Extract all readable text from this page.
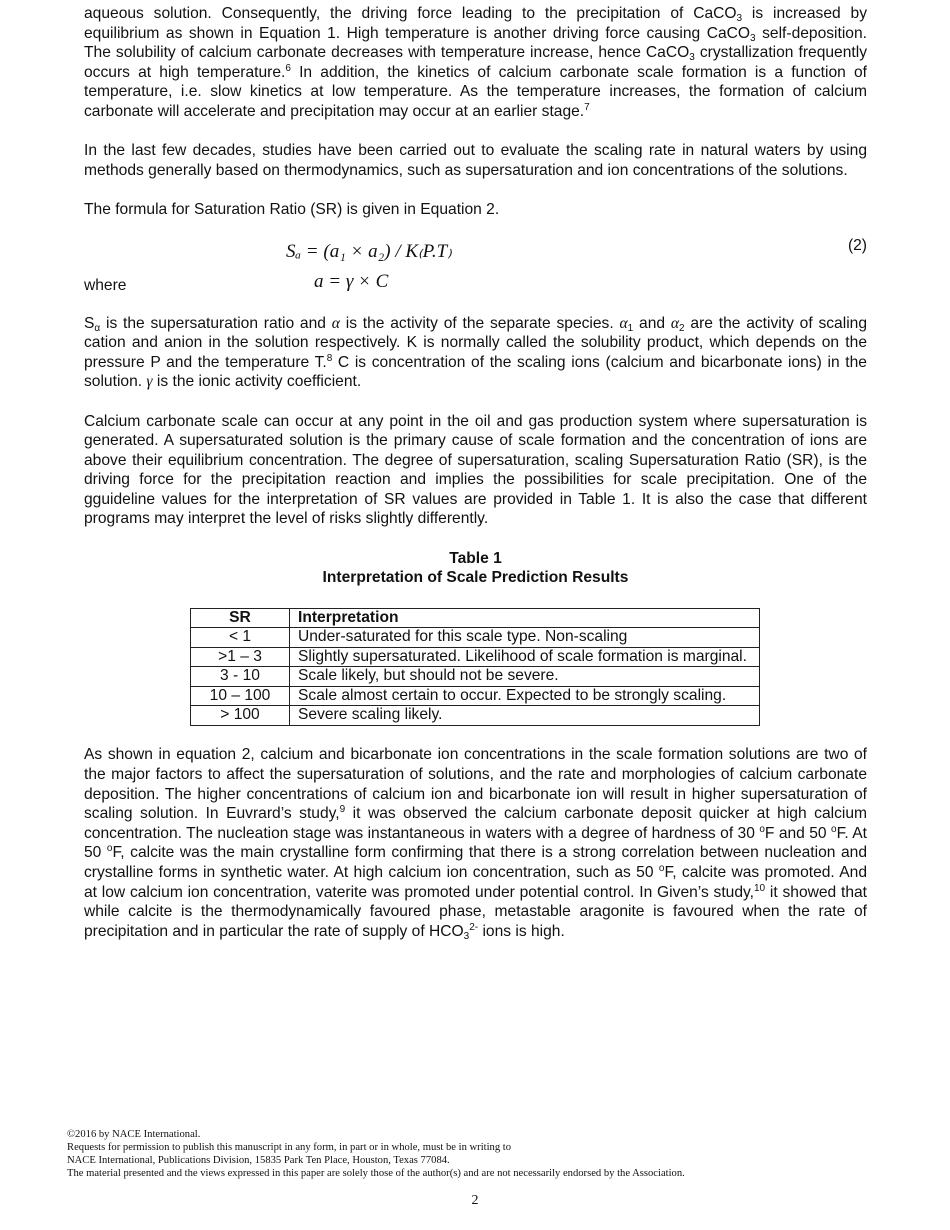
aqueous solution. Consequently, the driving force leading to the precipitation of CaCO$_3$ is increased by equilibrium as shown in Equation 1. High temperature is another driving force causing CaCO$_3$ self-deposition. The solubility of calcium carbonate decreases with temperature increase, hence CaCO$_3$ crystallization frequently occurs at high temperature.$^6$ In addition, the kinetics of calcium carbonate scale formation is a function of temperature, i.e. slow kinetics at low temperature. As the temperature increases, the formation of calcium carbonate will accelerate and precipitation may occur at an earlier stage.$^7$

In the last few decades, studies have been carried out to evaluate the scaling rate in natural waters by using methods generally based on thermodynamics, such as supersaturation and ion concentrations of the solutions.

The formula for Saturation Ratio (SR) is given in Equation 2.

Sₐ = (a₁ × a₂) / K₍P.T₎	(2)
where	a = γ × C

$S_\alpha$ is the supersaturation ratio and α is the activity of the separate species. $\alpha_1$ and $\alpha_2$ are the activity of scaling cation and anion in the solution respectively. K is normally called the solubility product, which depends on the pressure P and the temperature T.$^8$ C is concentration of the scaling ions (calcium and bicarbonate ions) in the solution. γ is the ionic activity coefficient.

Calcium carbonate scale can occur at any point in the oil and gas production system where supersaturation is generated. A supersaturated solution is the primary cause of scale formation and the concentration of ions are above their equilibrium concentration. The degree of supersaturation, scaling Supersaturation Ratio (SR), is the driving force for the precipitation reaction and implies the possibilities for scale precipitation. One of the gguideline values for the interpretation of SR values are provided in Table 1. It is also the case that different programs may interpret the level of risks slightly differently.

Table 1
Interpretation of Scale Prediction Results
SR	Interpretation
< 1	Under-saturated for this scale type. Non-scaling
>1 – 3	Slightly supersaturated. Likelihood of scale formation is marginal.
3 - 10	Scale likely, but should not be severe.
10 – 100	Scale almost certain to occur. Expected to be strongly scaling.
> 100	Severe scaling likely.

As shown in equation 2, calcium and bicarbonate ion concentrations in the scale formation solutions are two of the major factors to affect the supersaturation of solutions, and the rate and morphologies of calcium carbonate deposition. The higher concentrations of calcium ion and bicarbonate ion will result in higher supersaturation of scaling solution. In Euvrard’s study,$^9$ it was observed the calcium carbonate deposit quicker at high calcium concentration. The nucleation stage was instantaneous in waters with a degree of hardness of 30 $^o$F and 50 $^o$F. At 50 $^o$F, calcite was the main crystalline form confirming that there is a strong correlation between nucleation and crystalline forms in synthetic water. At high calcium ion concentration, such as 50 $^o$F, calcite was promoted. And at low calcium ion concentration, vaterite was promoted under potential control. In Given’s study,$^{10}$ it showed that while calcite is the thermodynamically favoured phase, metastable aragonite is favoured when the rate of precipitation and in particular the rate of supply of $HCO_3^{2-}$ ions is high.

©2016 by NACE International.
Requests for permission to publish this manuscript in any form, in part or in whole, must be in writing to
NACE International, Publications Division, 15835 Park Ten Place, Houston, Texas 77084.
The material presented and the views expressed in this paper are solely those of the author(s) and are not necessarily endorsed by the Association.
2
